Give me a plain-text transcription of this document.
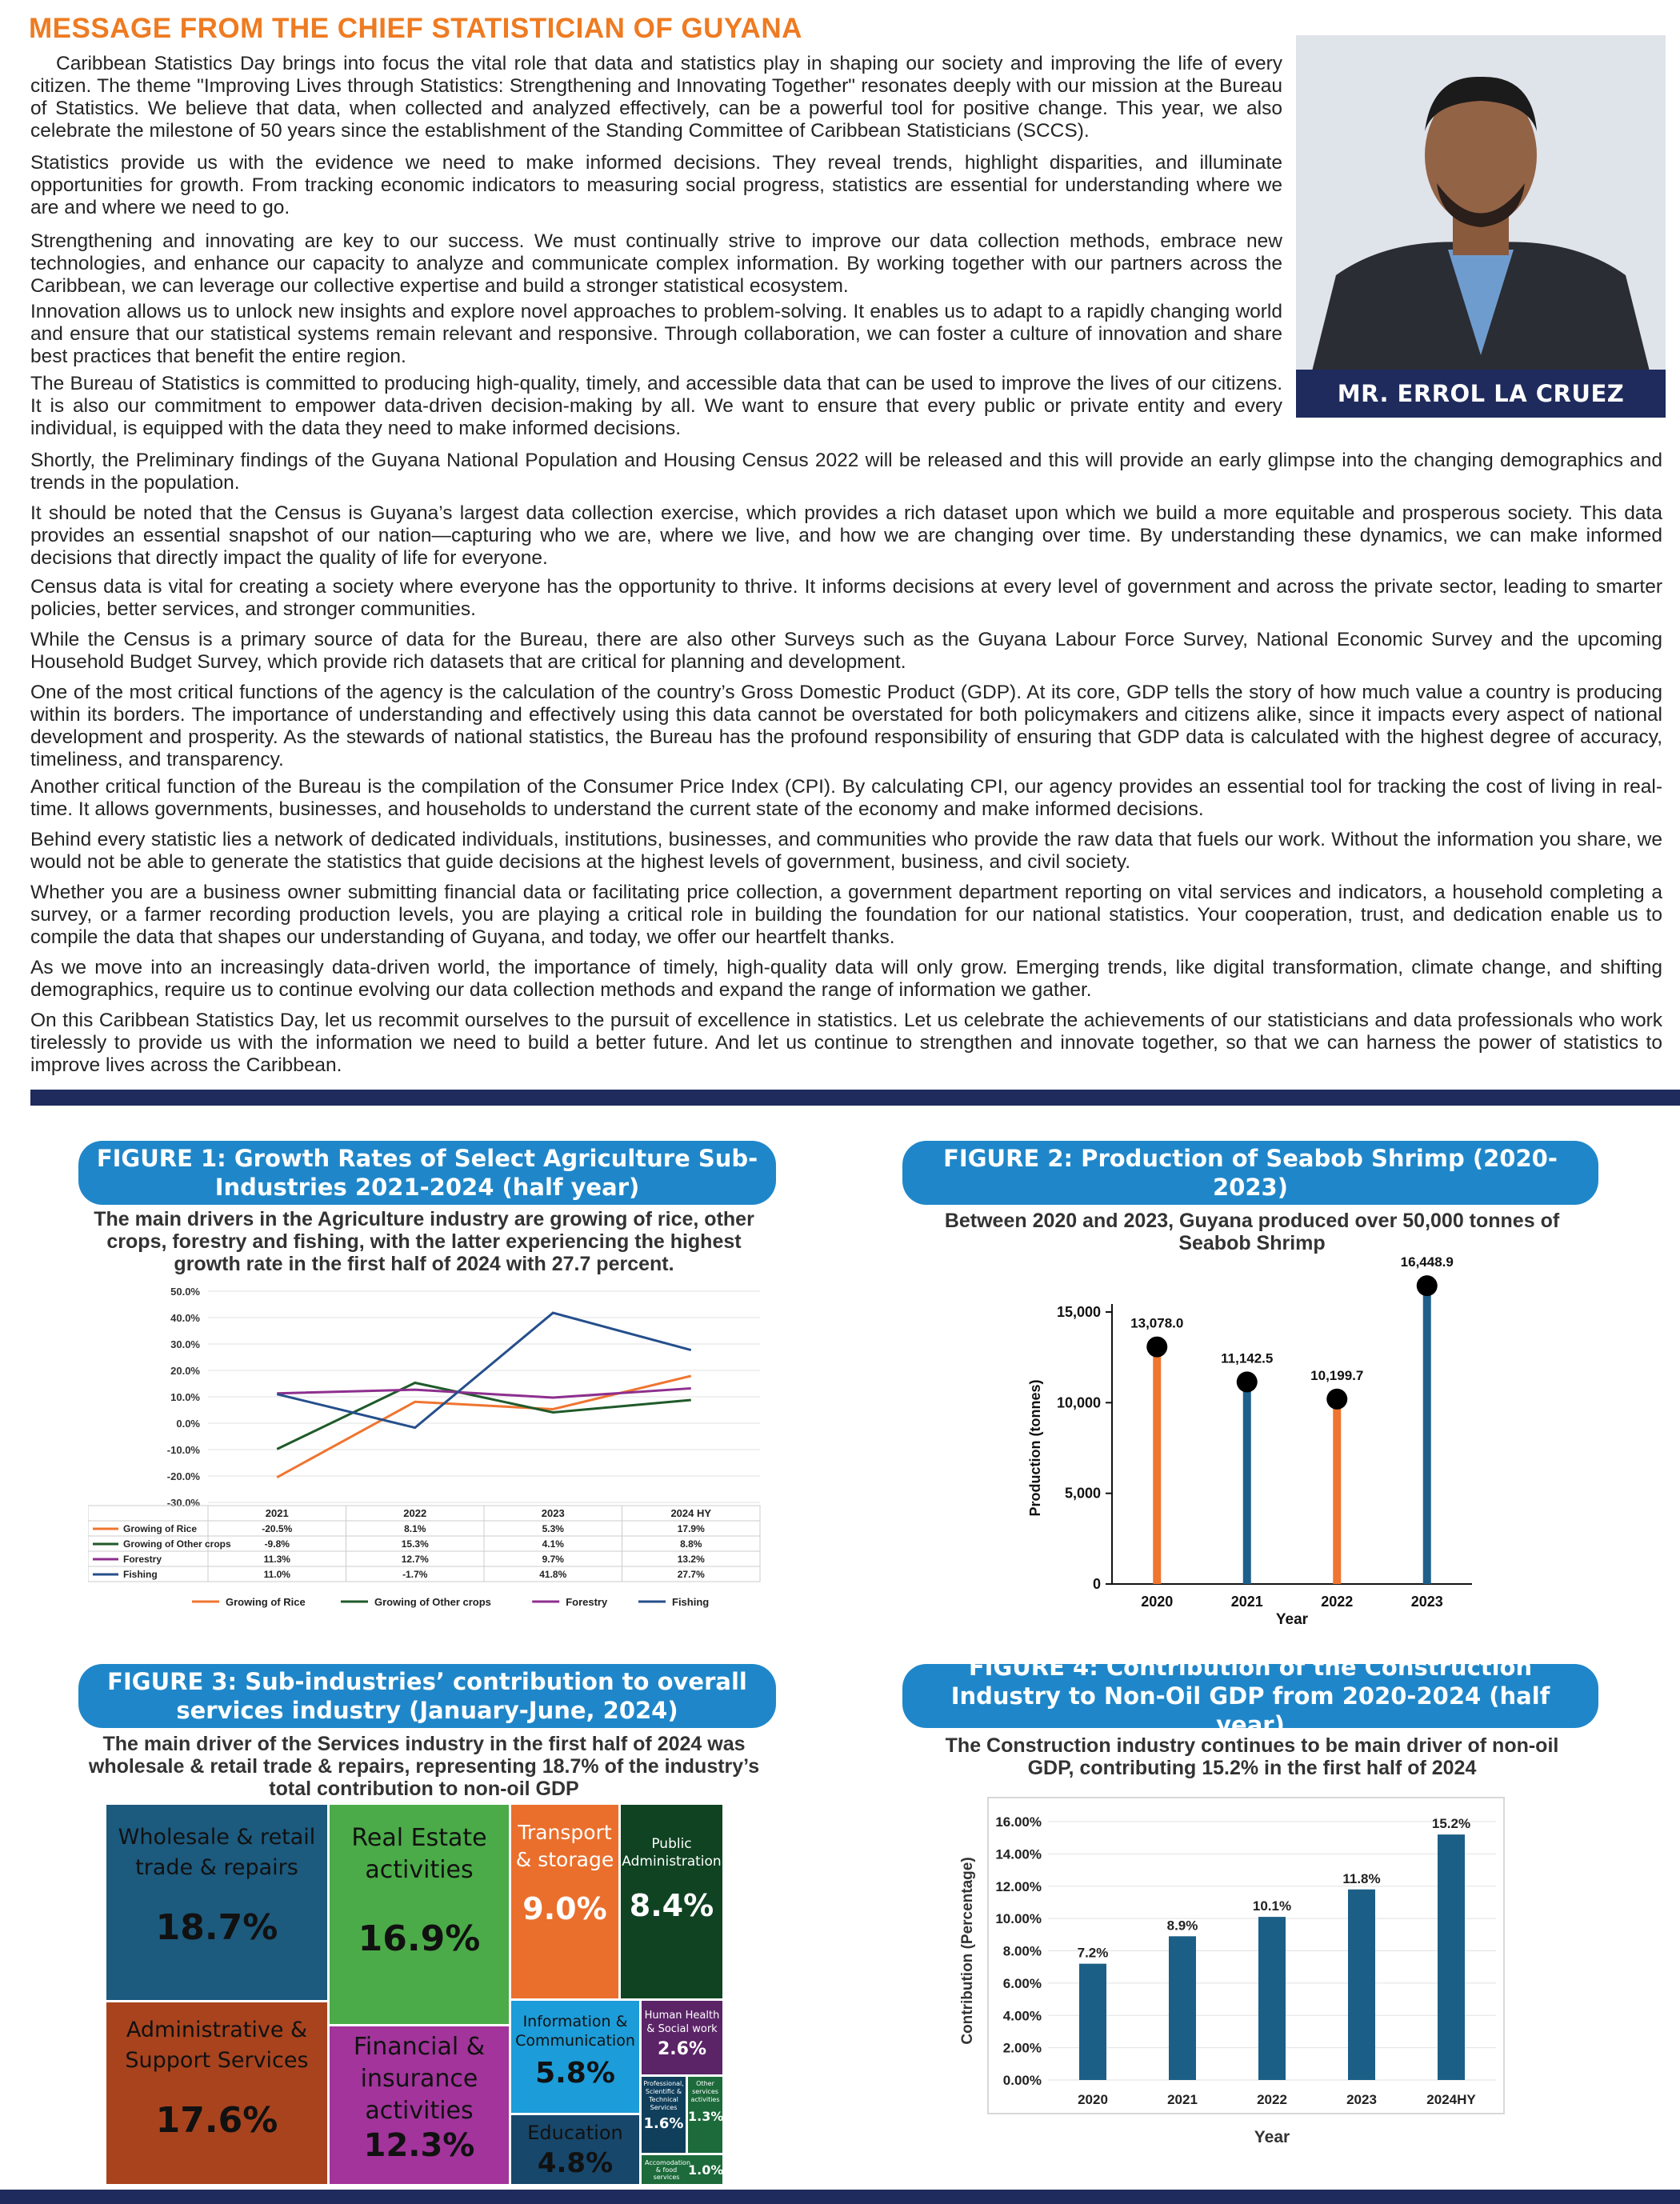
MESSAGE FROM THE CHIEF STATISTICIAN OF GUYANA
Caribbean Statistics Day brings into focus the vital role that data and statistics play in shaping our society and improving the life of every citizen. The theme "Improving Lives through Statistics: Strengthening and Innovating Together" resonates deeply with our mission at the Bureau of Statistics. We believe that data, when collected and analyzed effectively, can be a powerful tool for positive change. This year, we also celebrate the milestone of 50 years since the establishment of the Standing Committee of Caribbean Statisticians (SCCS).
Statistics provide us with the evidence we need to make informed decisions. They reveal trends, highlight disparities, and illuminate opportunities for growth. From tracking economic indicators to measuring social progress, statistics are essential for understanding where we are and where we need to go.
Strengthening and innovating are key to our success. We must continually strive to improve our data collection methods, embrace new technologies, and enhance our capacity to analyze and communicate complex information. By working together with our partners across the Caribbean, we can leverage our collective expertise and build a stronger statistical ecosystem.
Innovation allows us to unlock new insights and explore novel approaches to problem-solving. It enables us to adapt to a rapidly changing world and ensure that our statistical systems remain relevant and responsive. Through collaboration, we can foster a culture of innovation and share best practices that benefit the entire region.
The Bureau of Statistics is committed to producing high-quality, timely, and accessible data that can be used to improve the lives of our citizens. It is also our commitment to empower data-driven decision-making by all. We want to ensure that every public or private entity and every individual, is equipped with the data they need to make informed decisions.
Shortly, the Preliminary findings of the Guyana National Population and Housing Census 2022 will be released and this will provide an early glimpse into the changing demographics and trends in the population.
It should be noted that the Census is Guyana’s largest data collection exercise, which provides a rich dataset upon which we build a more equitable and prosperous society. This data provides an essential snapshot of our nation—capturing who we are, where we live, and how we are changing over time. By understanding these dynamics, we can make informed decisions that directly impact the quality of life for everyone.
Census data is vital for creating a society where everyone has the opportunity to thrive. It informs decisions at every level of government and across the private sector, leading to smarter policies, better services, and stronger communities.
While the Census is a primary source of data for the Bureau, there are also other Surveys such as the Guyana Labour Force Survey, National Economic Survey and the upcoming Household Budget Survey, which provide rich datasets that are critical for planning and development.
One of the most critical functions of the agency is the calculation of the country’s Gross Domestic Product (GDP). At its core, GDP tells the story of how much value a country is producing within its borders. The importance of understanding and effectively using this data cannot be overstated for both policymakers and citizens alike, since it impacts every aspect of national development and prosperity. As the stewards of national statistics, the Bureau has the profound responsibility of ensuring that GDP data is calculated with the highest degree of accuracy, timeliness, and transparency.
Another critical function of the Bureau is the compilation of the Consumer Price Index (CPI). By calculating CPI, our agency provides an essential tool for tracking the cost of living in real-time. It allows governments, businesses, and households to understand the current state of the economy and make informed decisions.
Behind every statistic lies a network of dedicated individuals, institutions, businesses, and communities who provide the raw data that fuels our work. Without the information you share, we would not be able to generate the statistics that guide decisions at the highest levels of government, business, and civil society.
Whether you are a business owner submitting financial data or facilitating price collection, a government department reporting on vital services and indicators, a household completing a survey, or a farmer recording production levels, you are playing a critical role in building the foundation for our national statistics. Your cooperation, trust, and dedication enable us to compile the data that shapes our understanding of Guyana, and today, we offer our heartfelt thanks.
As we move into an increasingly data-driven world, the importance of timely, high-quality data will only grow. Emerging trends, like digital transformation, climate change, and shifting demographics, require us to continue evolving our data collection methods and expand the range of information we gather.
On this Caribbean Statistics Day, let us recommit ourselves to the pursuit of excellence in statistics. Let us celebrate the achievements of our statisticians and data professionals who work tirelessly to provide us with the information we need to build a better future. And let us continue to strengthen and innovate together, so that we can harness the power of statistics to improve lives across the Caribbean.
MR. ERROL LA CRUEZ
FIGURE 1: Growth Rates of Select Agriculture Sub-Industries 2021-2024 (half year)
The main drivers in the Agriculture industry are growing of rice, other crops, forestry and fishing, with the latter experiencing the highest growth rate in the first half of 2024 with 27.7 percent.
50.0%
40.0%
30.0%
20.0%
10.0%
0.0%
-10.0%
-20.0%
-30.0%
2021	2022	2023	2024 HY
Growing of Rice	-20.5%	8.1%	5.3%	17.9%
Growing of Other crops	-9.8%	15.3%	4.1%	8.8%
Forestry	11.3%	12.7%	9.7%	13.2%
Fishing	11.0%	-1.7%	41.8%	27.7%
Growing of Rice	Growing of Other crops	Forestry	Fishing
FIGURE 2: Production of Seabob Shrimp (2020-2023)
Between 2020 and 2023, Guyana produced over 50,000 tonnes of Seabob Shrimp
15,000
10,000
5,000
0
13,078.0
2020
11,142.5
2021
10,199.7
2022
16,448.9
2023
Year
Production (tonnes)
FIGURE 3: Sub-industries’ contribution to overall services industry (January-June, 2024)
The main driver of the Services industry in the first half of 2024 was wholesale & retail trade & repairs, representing 18.7% of the industry’s total contribution to non-oil GDP
Wholesale & retail trade & repairs
18.7%
Administrative & Support Services
17.6%
Real Estate activities
16.9%
Financial & insurance activities
12.3%
Transport & storage
9.0%
Public Administration
8.4%
Information & Communication
5.8%
Education
4.8%
Human Health & Social work
2.6%
Professional, Scientific & Technical Services
1.6%
Other services activities
1.3%
Accomodation & food services 1.0%
FIGURE 4: Contribution of the Construction Industry to Non-Oil GDP from 2020-2024 (half year)
The Construction industry continues to be main driver of non-oil GDP, contributing 15.2% in the first half of 2024
16.00%
14.00%
12.00%
10.00%
8.00%
6.00%
4.00%
2.00%
0.00%
7.2%
2020
8.9%
2021
10.1%
2022
11.8%
2023
15.2%
2024HY
Year
Contribution (Percentage)
